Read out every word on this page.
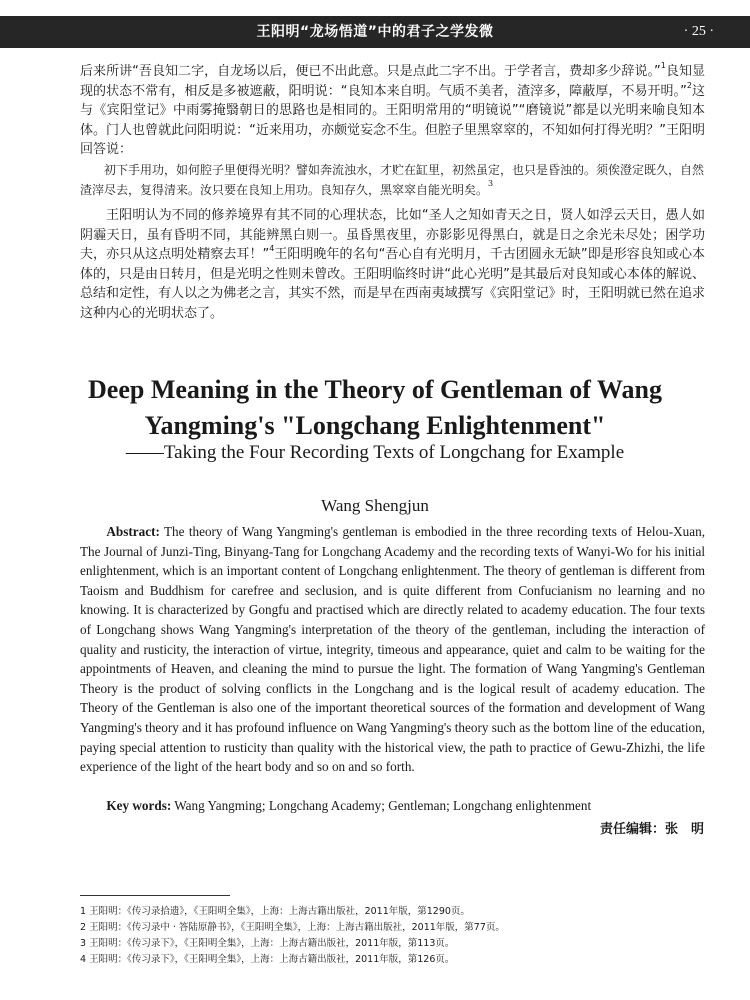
王阳明“龙场悟道”中的君子之学发微	· 25 ·

后来所讲“吾良知二字，自龙场以后，便已不出此意。只是点此二字不出。于学者言，费却多少辞说。”$^1$良知显现的状态不常有，相反是多被遮蔽，阳明说：“良知本来自明。气质不美者，渣滓多，障蔽厚，不易开明。”$^2$这与《宾阳堂记》中雨雾掩翳朝日的思路也是相同的。王阳明常用的“明镜说”“磨镜说”都是以光明来喻良知本体。门人也曾就此问阳明说：“近来用功，亦颇觉妄念不生。但腔子里黑窣窣的，不知如何打得光明？”王阳明回答说：

初下手用功，如何腔子里便得光明？譬如奔流浊水，才贮在缸里，初然虽定，也只是昏浊的。须俟澄定既久，自然渣滓尽去，复得清来。汝只要在良知上用功。良知存久，黑窣窣自能光明矣。$^3$

王阳明认为不同的修养境界有其不同的心理状态，比如“圣人之知如青天之日，贤人如浮云天日，愚人如阴霾天日，虽有昏明不同，其能辨黑白则一。虽昏黑夜里，亦影影见得黑白，就是日之余光未尽处；困学功夫，亦只从这点明处精察去耳！”$^4$王阳明晚年的名句“吾心自有光明月，千古团圆永无缺”即是形容良知或心本体的，只是由日转月，但是光明之性则未曾改。王阳明临终时讲“此心光明”是其最后对良知或心本体的解说、总结和定性，有人以之为佛老之言，其实不然，而是早在西南夷域撰写《宾阳堂记》时，王阳明就已然在追求这种内心的光明状态了。

Deep Meaning in the Theory of Gentleman of Wang
Yangming's "Longchang Enlightenment"
——Taking the Four Recording Texts of Longchang for Example
Wang Shengjun
Abstract: The theory of Wang Yangming's gentleman is embodied in the three recording texts of Helou-Xuan, The Journal of Junzi-Ting, Binyang-Tang for Longchang Academy and the recording texts of Wanyi-Wo for his initial enlightenment, which is an important content of Longchang enlightenment. The theory of gentleman is different from Taoism and Buddhism for carefree and seclusion, and is quite different from Confucianism no learning and no knowing. It is characterized by Gongfu and practised which are directly related to academy education. The four texts of Longchang shows Wang Yangming's interpretation of the theory of the gentleman, including the interaction of quality and rusticity, the interaction of virtue, integrity, timeous and appearance, quiet and calm to be waiting for the appointments of Heaven, and cleaning the mind to pursue the light. The formation of Wang Yangming's Gentleman Theory is the product of solving conflicts in the Longchang and is the logical result of academy education. The Theory of the Gentleman is also one of the important theoretical sources of the formation and development of Wang Yangming's theory and it has profound influence on Wang Yangming's theory such as the bottom line of the education, paying special attention to rusticity than quality with the historical view, the path to practice of Gewu-Zhizhi, the life experience of the light of the heart body and so on and so forth.
Key words: Wang Yangming; Longchang Academy; Gentleman; Longchang enlightenment
责任编辑：张　明

1 王阳明：《传习录拾遗》，《王阳明全集》，上海：上海古籍出版社，2011年版，第1290页。

2 王阳明：《传习录中 · 答陆原静书》，《王阳明全集》，上海：上海古籍出版社，2011年版，第77页。

3 王阳明：《传习录下》，《王阳明全集》，上海：上海古籍出版社，2011年版，第113页。

4 王阳明：《传习录下》，《王阳明全集》，上海：上海古籍出版社，2011年版，第126页。
